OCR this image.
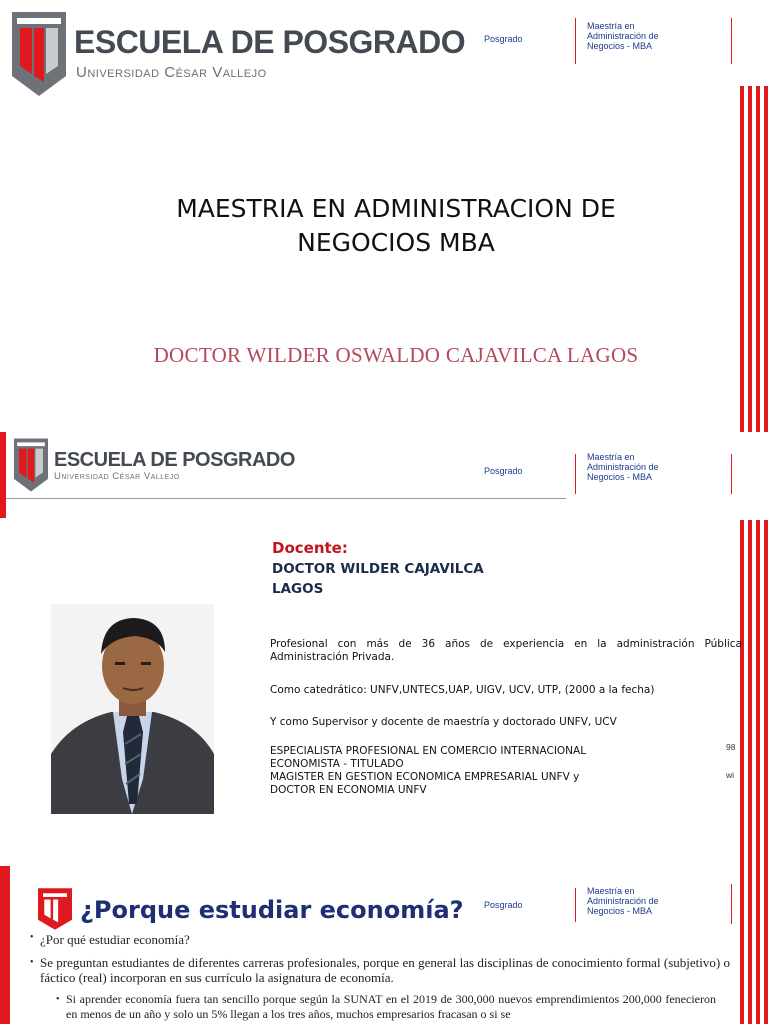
ESCUELA DE POSGRADO
Universidad César Vallejo
Posgrado
Maestría en
Administración de
Negocios - MBA
MAESTRIA EN ADMINISTRACION DE
NEGOCIOS MBA
DOCTOR WILDER OSWALDO CAJAVILCA LAGOS
ESCUELA DE POSGRADO
Universidad César Vallejo	Posgrado
Maestría en
Administración de
Negocios - MBA
Docente:
DOCTOR WILDER CAJAVILCA
LAGOS
Profesional con más de 36 años de experiencia en la administración Pública Administración Privada.
Como catedrático: UNFV,UNTECS,UAP, UIGV, UCV, UTP, (2000 a la fecha)
Y como Supervisor y docente de maestría y doctorado UNFV, UCV
ESPECIALISTA PROFESIONAL EN COMERCIO INTERNACIONAL
ECONOMISTA - TITULADO
MAGISTER EN GESTION ECONOMICA EMPRESARIAL UNFV y
DOCTOR EN ECONOMIA UNFV
98
wi
¿Porque estudiar economía? Posgrado
Maestría en
Administración de
Negocios - MBA
• ¿Por qué estudiar economía?
• Se preguntan estudiantes de diferentes carreras profesionales, porque en general las disciplinas de conocimiento formal (subjetivo) o fáctico (real) incorporan en sus currículo la asignatura de economía.
• Si aprender economía fuera tan sencillo porque según la SUNAT en el 2019 de 300,000 nuevos emprendimientos 200,000 fenecieron en menos de un año y solo un 5% llegan a los tres años, muchos empresarios fracasan o si se
